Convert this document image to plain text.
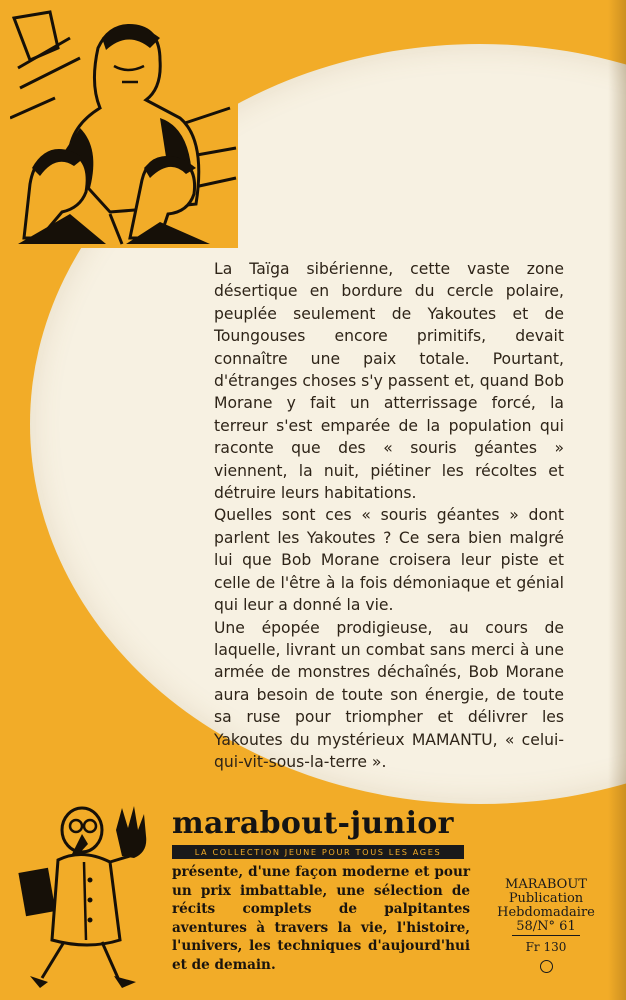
La Taïga sibérienne, cette vaste zone désertique en bordure du cercle polaire, peuplée seulement de Yakoutes et de Toungouses encore primitifs, devait connaître une paix totale. Pourtant, d'étranges choses s'y passent et, quand Bob Morane y fait un atterrissage forcé, la terreur s'est emparée de la population qui raconte que des « souris géantes » viennent, la nuit, piétiner les récoltes et détruire leurs habitations.

Quelles sont ces « souris géantes » dont parlent les Yakoutes ? Ce sera bien malgré lui que Bob Morane croisera leur piste et celle de l'être à la fois démoniaque et génial qui leur a donné la vie.

Une épopée prodigieuse, au cours de laquelle, livrant un combat sans merci à une armée de monstres déchaînés, Bob Morane aura besoin de toute son énergie, de toute sa ruse pour triompher et délivrer les Yakoutes du mystérieux MAMANTU, « celui-qui-vit-sous-la-terre ».

marabout-junior
LA COLLECTION JEUNE POUR TOUS LES AGES

présente, d'une façon moderne et pour un prix imbattable, une sélection de récits complets de palpitantes aventures à travers la vie, l'histoire, l'univers, les techniques d'aujourd'hui et de demain.

MARABOUT
Publication
Hebdomadaire
58/N° 61
Fr 130
